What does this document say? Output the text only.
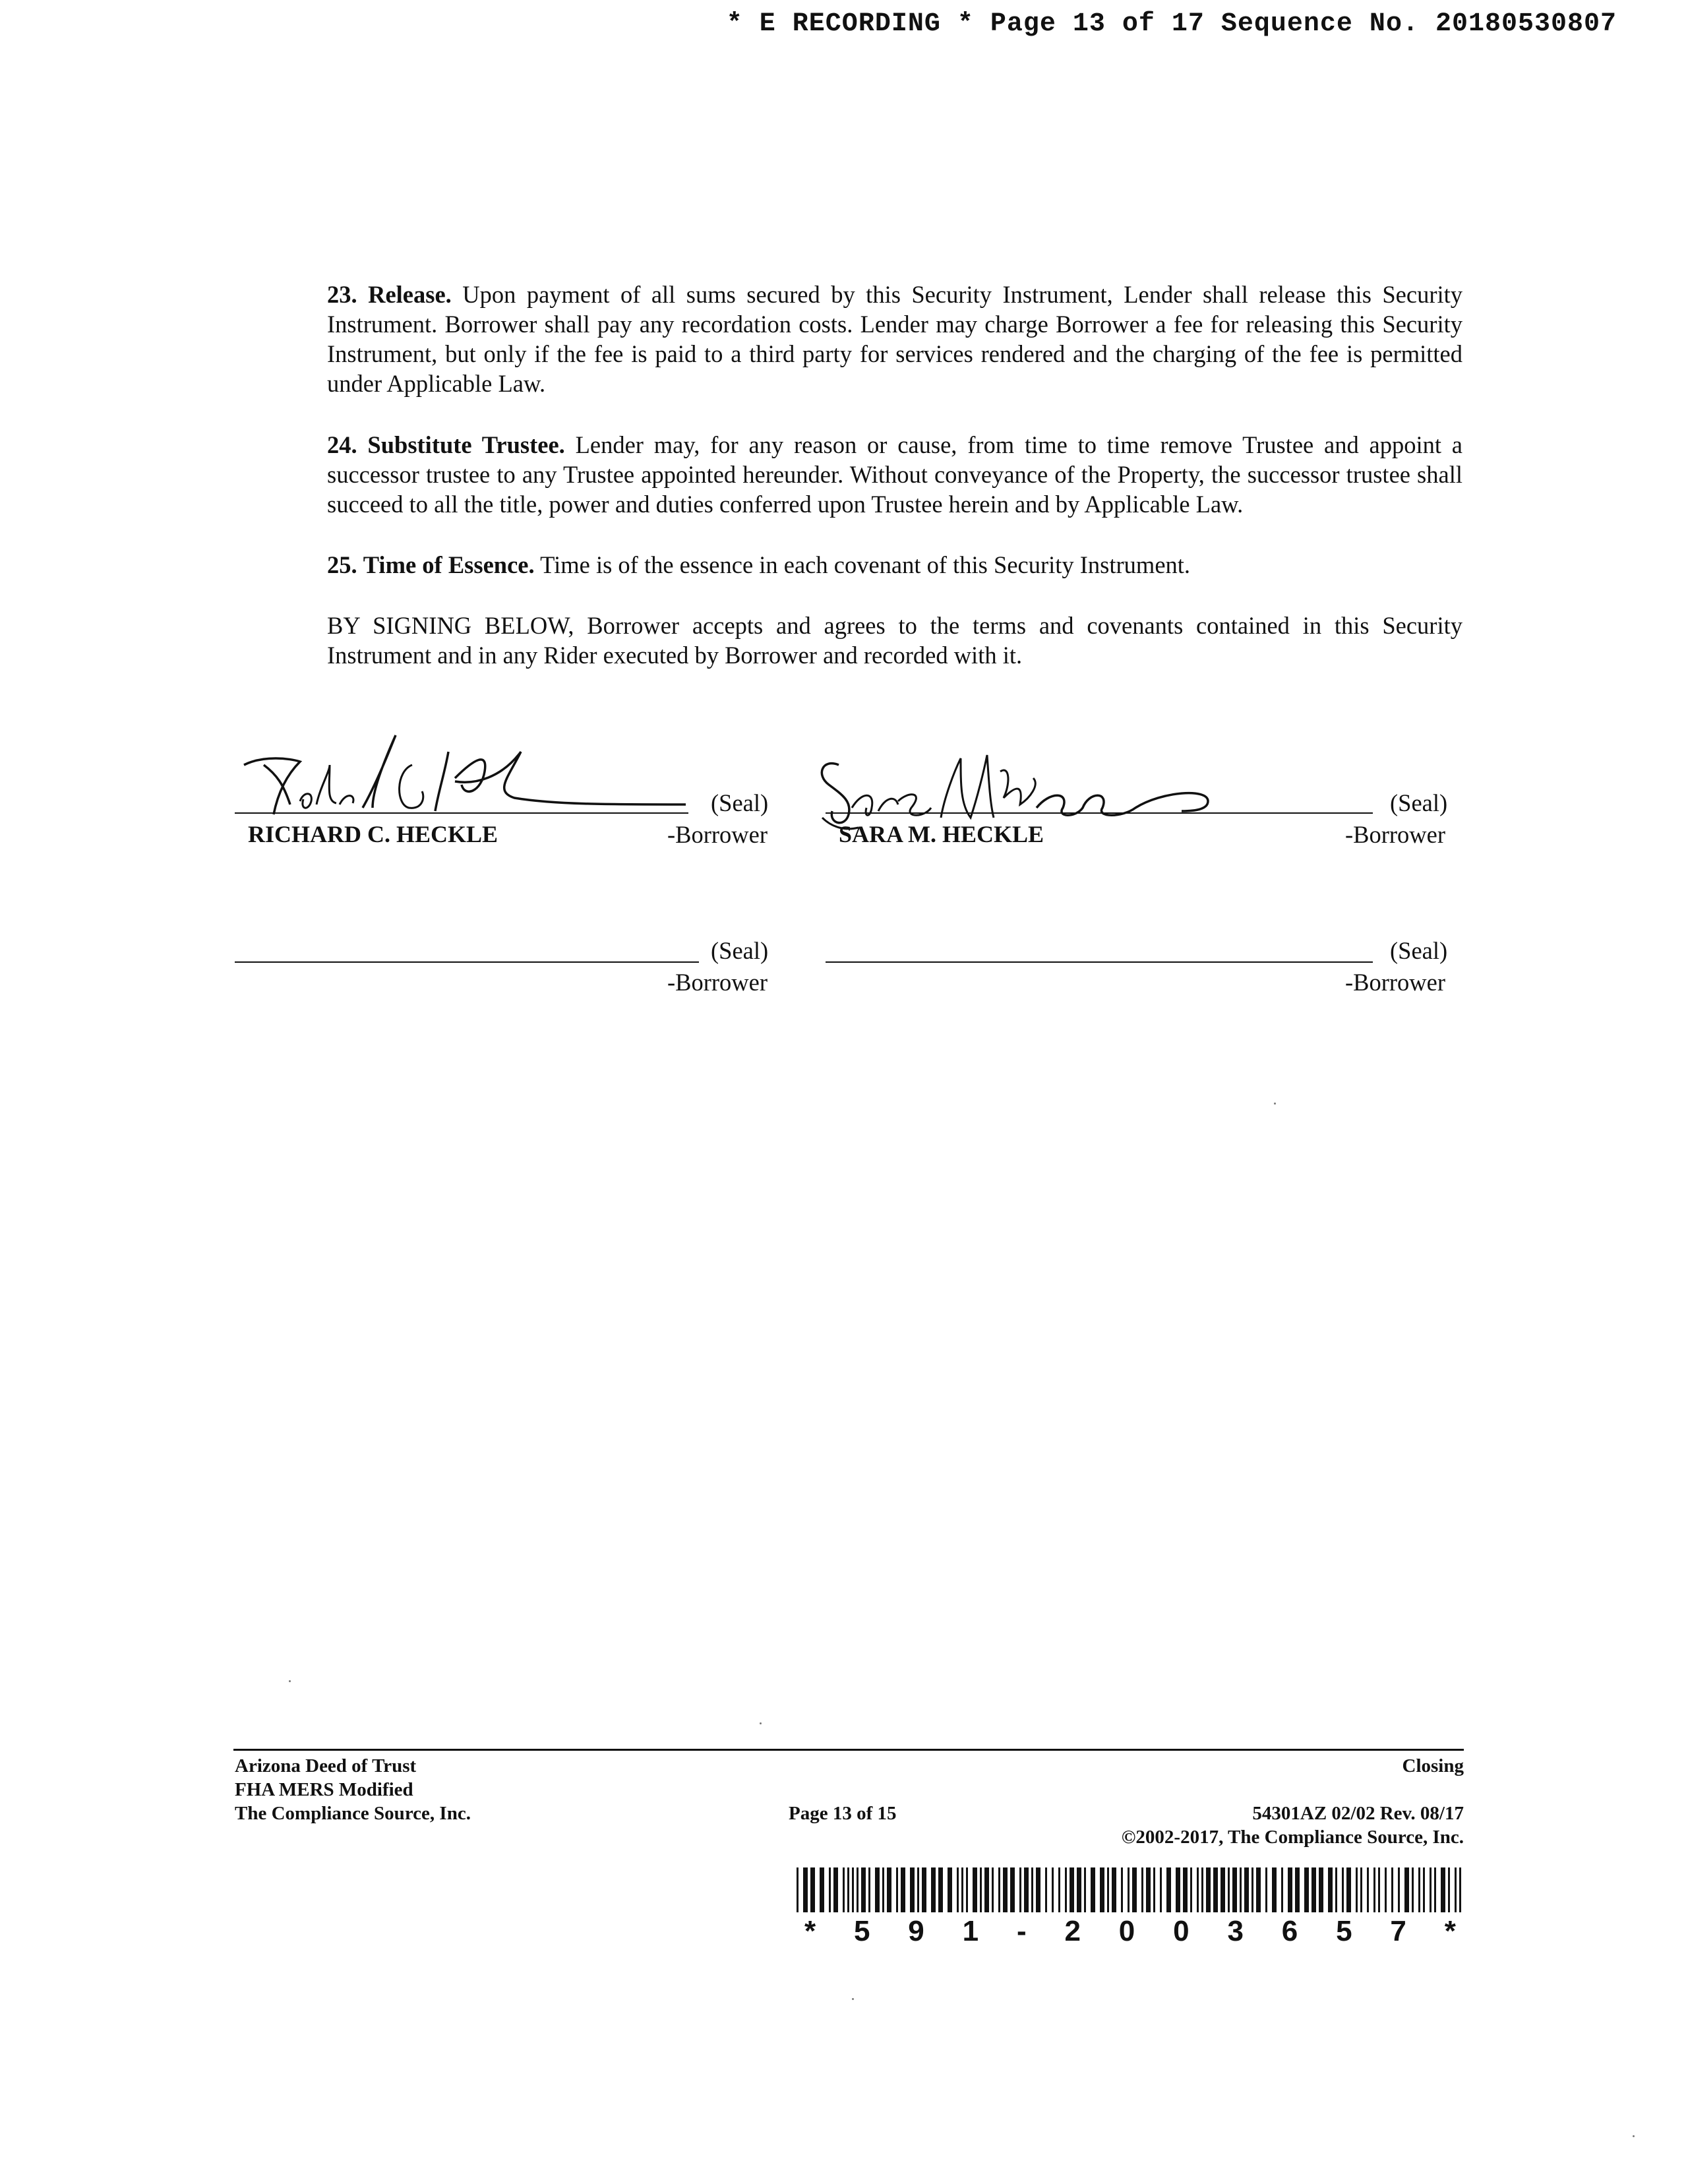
* E RECORDING * Page 13 of 17 Sequence No. 20180530807

23. Release. Upon payment of all sums secured by this Security Instrument, Lender shall release this Security Instrument. Borrower shall pay any recordation costs. Lender may charge Borrower a fee for releasing this Security Instrument, but only if the fee is paid to a third party for services rendered and the charging of the fee is permitted under Applicable Law.

24. Substitute Trustee. Lender may, for any reason or cause, from time to time remove Trustee and appoint a successor trustee to any Trustee appointed hereunder. Without conveyance of the Property, the successor trustee shall succeed to all the title, power and duties conferred upon Trustee herein and by Applicable Law.

25. Time of Essence. Time is of the essence in each covenant of this Security Instrument.

BY SIGNING BELOW, Borrower accepts and agrees to the terms and covenants contained in this Security Instrument and in any Rider executed by Borrower and recorded with it.

(Seal)
RICHARD C. HECKLE	-Borrower
(Seal)
SARA M. HECKLE	-Borrower
(Seal)
-Borrower
(Seal)
-Borrower
Arizona Deed of Trust
FHA MERS Modified
The Compliance Source, Inc.
Closing
Page 13 of 15	54301AZ 02/02 Rev. 08/17
©2002-2017, The Compliance Source, Inc.
* 5 9 1 - 2 0 0 3 6 5 7 *
